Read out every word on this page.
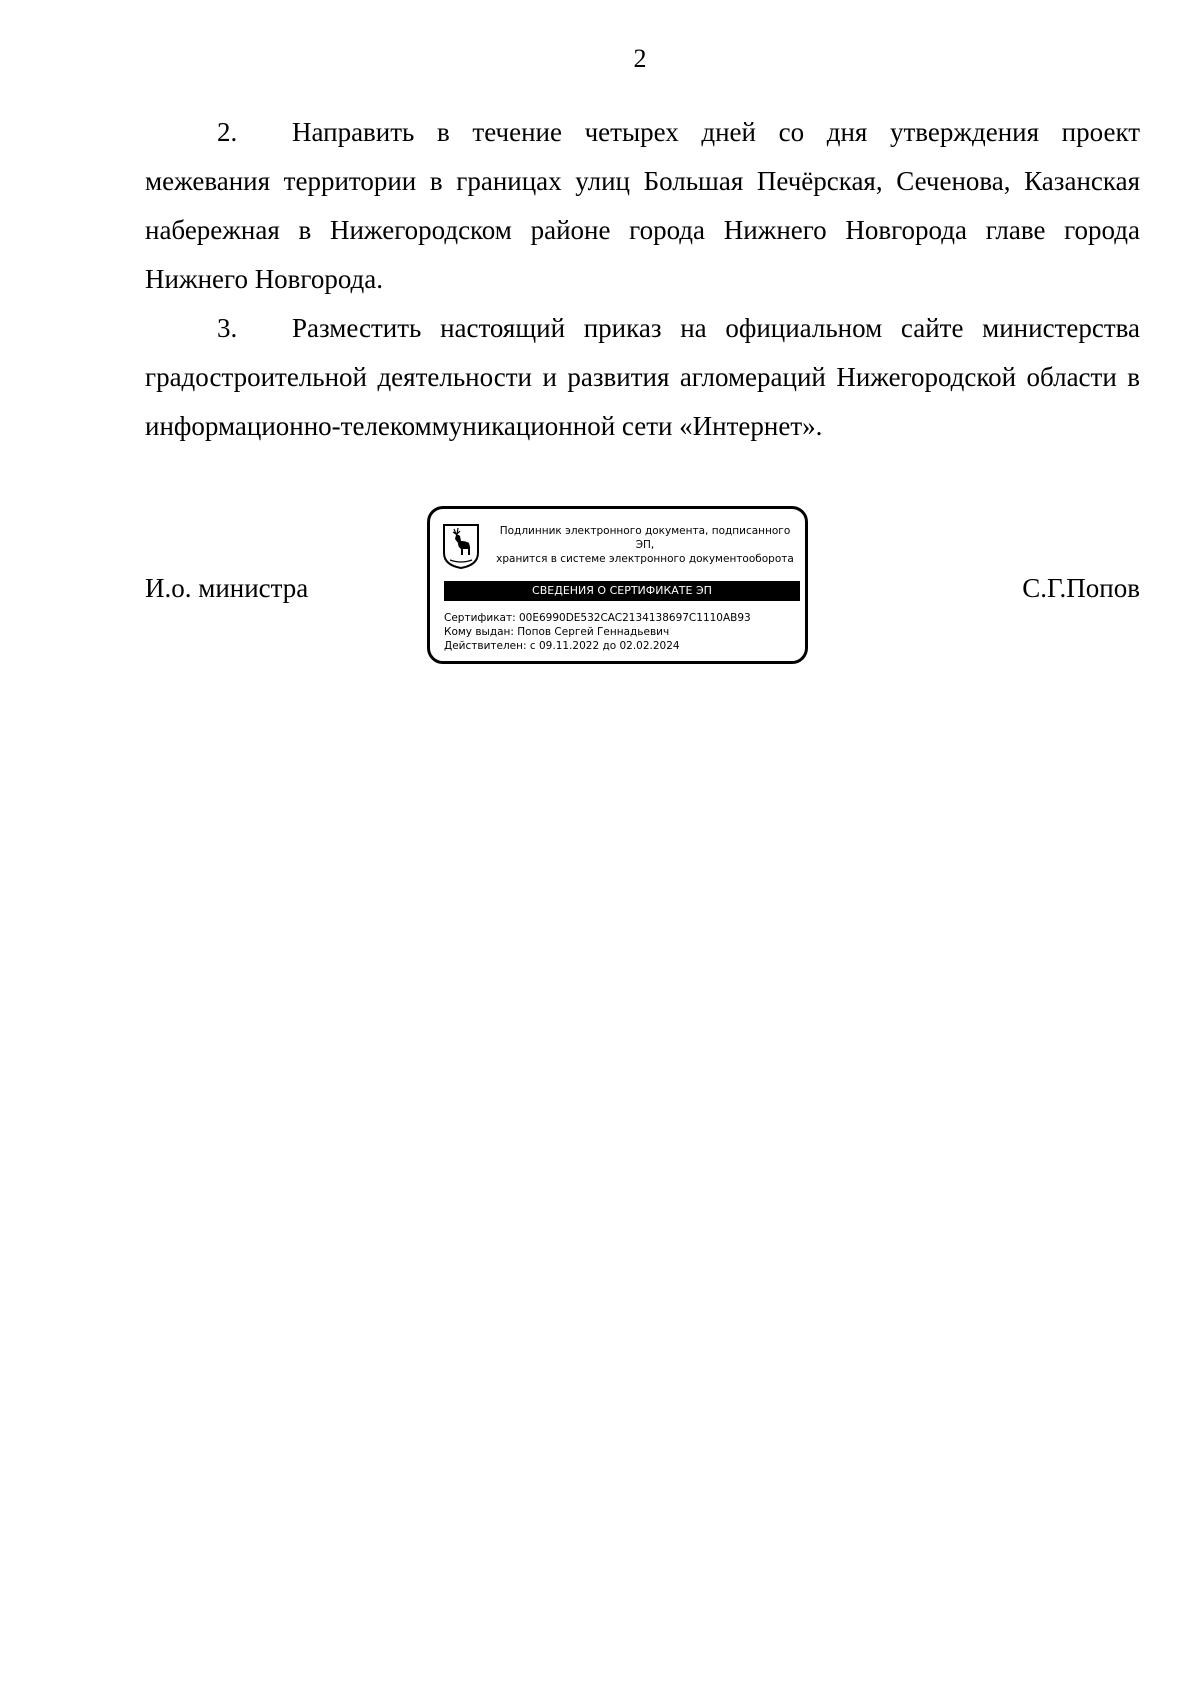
2

2. Направить в течение четырех дней со дня утверждения проект межевания территории в границах улиц Большая Печёрская, Сеченова, Казанская набережная в Нижегородском районе города Нижнего Новгорода главе города Нижнего Новгорода.

3. Разместить настоящий приказ на официальном сайте министерства градостроительной деятельности и развития агломераций Нижегородской области в информационно-телекоммуникационной сети «Интернет».

И.о. министра	С.Г.Попов
Подлинник электронного документа, подписанного ЭП,
хранится в системе электронного документооборота
СВЕДЕНИЯ О СЕРТИФИКАТЕ ЭП
Сертификат: 00E6990DE532CAC2134138697C1110AB93
Кому выдан: Попов Сергей Геннадьевич
Действителен: с 09.11.2022 до 02.02.2024
